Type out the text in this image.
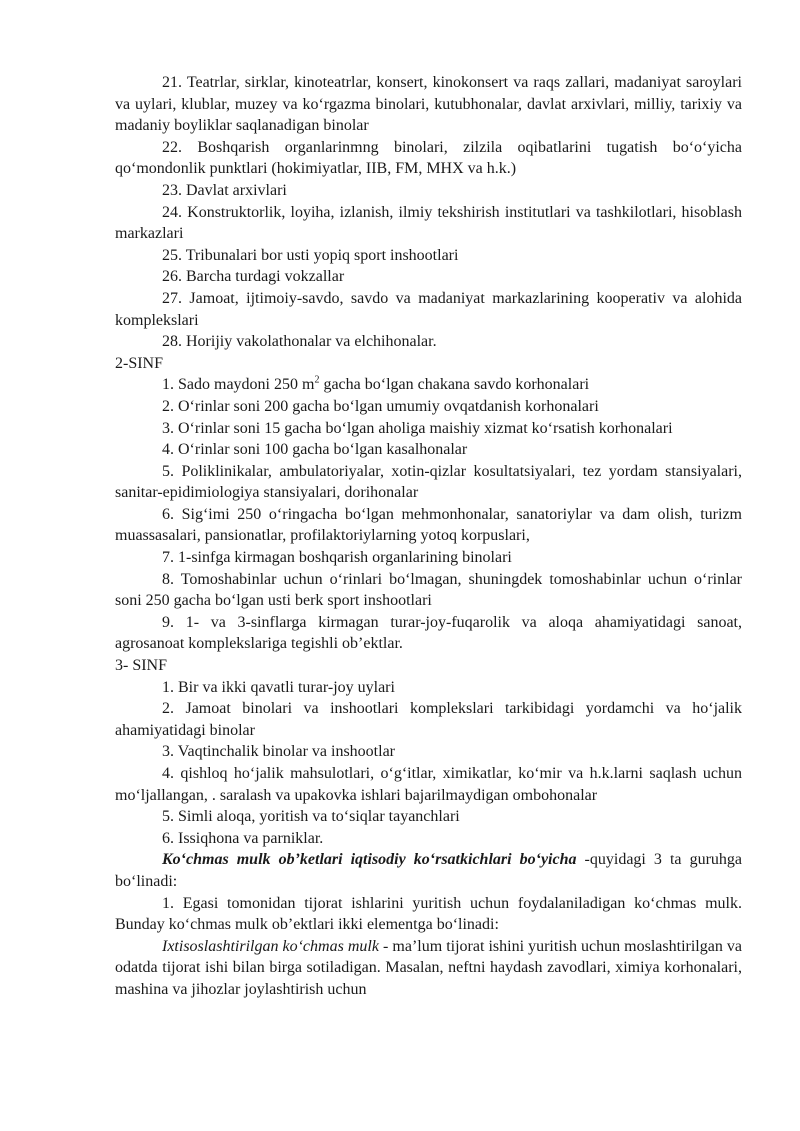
21. Teatrlar, sirklar, kinoteatrlar, konsert, kinokonsert va raqs zallari, madaniyat saroylari va uylari, klublar, muzey va ko‘rgazma binolari, kutubhonalar, davlat arxivlari, milliy, tarixiy va madaniy boyliklar saqlanadigan binolar

22. Boshqarish organlarinmng binolari, zilzila oqibatlarini tugatish bo‘o‘yicha qo‘mondonlik punktlari (hokimiyatlar, IIB, FM, MHX va h.k.)

23. Davlat arxivlari

24. Konstruktorlik, loyiha, izlanish, ilmiy tekshirish institutlari va tashkilotlari, hisoblash markazlari

25. Tribunalari bor usti yopiq sport inshootlari

26. Barcha turdagi vokzallar

27. Jamoat, ijtimoiy-savdo, savdo va madaniyat markazlarining kooperativ va alohida komplekslari

28. Horijiy vakolathonalar va elchihonalar.

2-SINF

1. Sado maydoni 250 $m^2$ gacha bo‘lgan chakana savdo korhonalari

2. O‘rinlar soni 200 gacha bo‘lgan umumiy ovqatdanish korhonalari

3. O‘rinlar soni 15 gacha bo‘lgan aholiga maishiy xizmat ko‘rsatish korhonalari

4. O‘rinlar soni 100 gacha bo‘lgan kasalhonalar

5. Poliklinikalar, ambulatoriyalar, xotin-qizlar kosultatsiyalari, tez yordam stansiyalari, sanitar-epidimiologiya stansiyalari, dorihonalar

6. Sig‘imi 250 o‘ringacha bo‘lgan mehmonhonalar, sanatoriylar va dam olish, turizm muassasalari, pansionatlar, profilaktoriylarning yotoq korpuslari,

7. 1-sinfga kirmagan boshqarish organlarining binolari

8. Tomoshabinlar uchun o‘rinlari bo‘lmagan, shuningdek tomoshabinlar uchun o‘rinlar soni 250 gacha bo‘lgan usti berk sport inshootlari

9. 1- va 3-sinflarga kirmagan turar-joy-fuqarolik va aloqa ahamiyatidagi sanoat, agrosanoat komplekslariga tegishli ob’ektlar.

3- SINF

1. Bir va ikki qavatli turar-joy uylari

2. Jamoat binolari va inshootlari komplekslari tarkibidagi yordamchi va ho‘jalik ahamiyatidagi binolar

3. Vaqtinchalik binolar va inshootlar

4. qishloq ho‘jalik mahsulotlari, o‘g‘itlar, ximikatlar, ko‘mir va h.k.larni saqlash uchun mo‘ljallangan, . saralash va upakovka ishlari bajarilmaydigan ombohonalar

5. Simli aloqa, yoritish va to‘siqlar tayanchlari

6. Issiqhona va parniklar.

Ko‘chmas mulk ob’ketlari iqtisodiy ko‘rsatkichlari bo‘yicha -quyidagi 3 ta guruhga bo‘linadi:

1. Egasi tomonidan tijorat ishlarini yuritish uchun foydalaniladigan ko‘chmas mulk. Bunday ko‘chmas mulk ob’ektlari ikki elementga bo‘linadi:

Ixtisoslashtirilgan ko‘chmas mulk - ma’lum tijorat ishini yuritish uchun moslashtirilgan va odatda tijorat ishi bilan birga sotiladigan. Masalan, neftni haydash zavodlari, ximiya korhonalari, mashina va jihozlar joylashtirish uchun
